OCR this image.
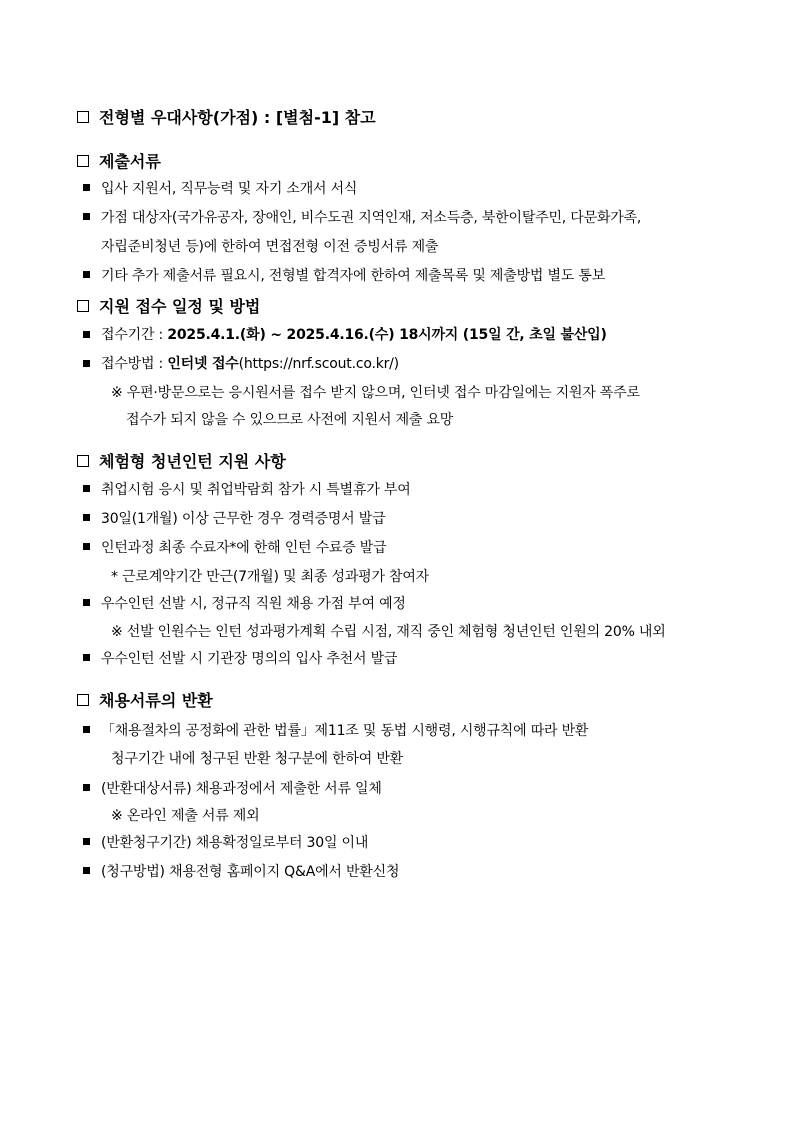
전형별 우대사항(가점) : [별첨-1] 참고
제출서류
입사 지원서, 직무능력 및 자기 소개서 서식
가점 대상자(국가유공자, 장애인, 비수도권 지역인재, 저소득층, 북한이탈주민, 다문화가족,
자립준비청년 등)에 한하여 면접전형 이전 증빙서류 제출
기타 추가 제출서류 필요시, 전형별 합격자에 한하여 제출목록 및 제출방법 별도 통보
지원 접수 일정 및 방법
접수기간 : 2025.4.1.(화) ~ 2025.4.16.(수) 18시까지 (15일 간, 초일 불산입)
접수방법 : 인터넷 접수(https://nrf.scout.co.kr/)
※ 우편·방문으로는 응시원서를 접수 받지 않으며, 인터넷 접수 마감일에는 지원자 폭주로
접수가 되지 않을 수 있으므로 사전에 지원서 제출 요망
체험형 청년인턴 지원 사항
취업시험 응시 및 취업박람회 참가 시 특별휴가 부여
30일(1개월) 이상 근무한 경우 경력증명서 발급
인턴과정 최종 수료자*에 한해 인턴 수료증 발급
* 근로계약기간 만근(7개월) 및 최종 성과평가 참여자
우수인턴 선발 시, 정규직 직원 채용 가점 부여 예정
※ 선발 인원수는 인턴 성과평가계획 수립 시점, 재직 중인 체험형 청년인턴 인원의 20% 내외
우수인턴 선발 시 기관장 명의의 입사 추천서 발급
채용서류의 반환
「채용절차의 공정화에 관한 법률」제11조 및 동법 시행령, 시행규칙에 따라 반환
청구기간 내에 청구된 반환 청구분에 한하여 반환
(반환대상서류) 채용과정에서 제출한 서류 일체
※ 온라인 제출 서류 제외
(반환청구기간) 채용확정일로부터 30일 이내
(청구방법) 채용전형 홈페이지 Q&A에서 반환신청
